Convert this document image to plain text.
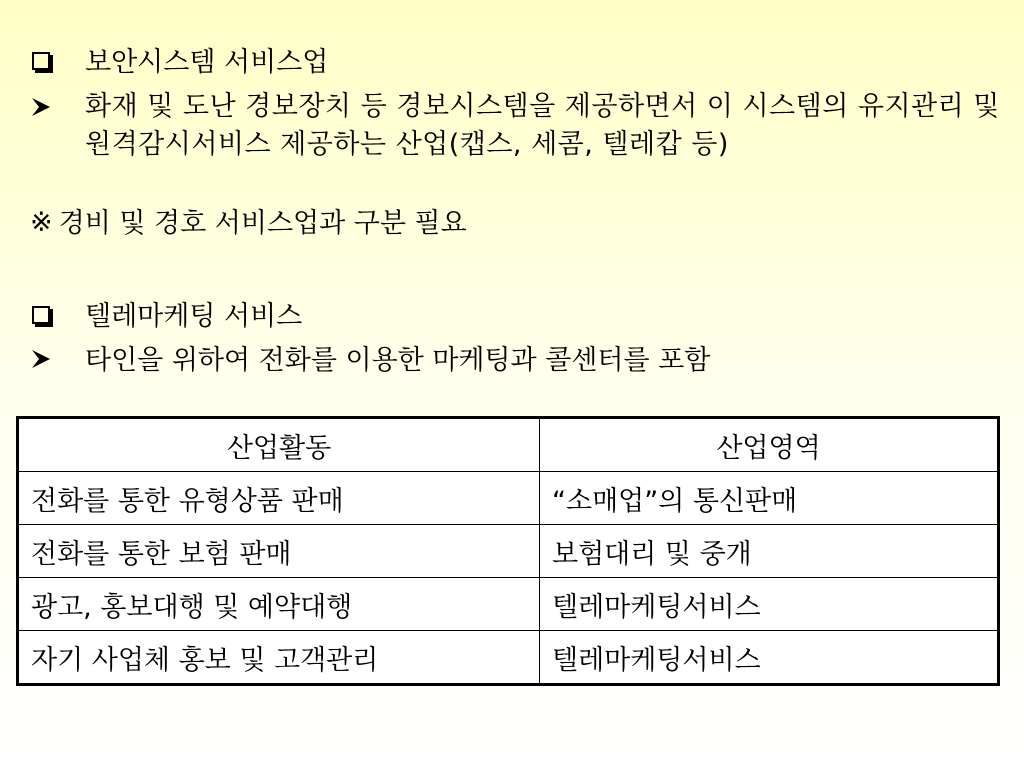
보안시스템 서비스업
화재 및 도난 경보장치 등 경보시스템을 제공하면서 이 시스템의 유지관리 및 원격감시서비스 제공하는 산업(캡스, 세콤, 텔레캅 등)
※ 경비 및 경호 서비스업과 구분 필요
텔레마케팅 서비스
타인을 위하여 전화를 이용한 마케팅과 콜센터를 포함
산업활동	산업영역
전화를 통한 유형상품 판매	“소매업”의 통신판매
전화를 통한 보험 판매	보험대리 및 중개
광고, 홍보대행 및 예약대행	텔레마케팅서비스
자기 사업체 홍보 및 고객관리	텔레마케팅서비스
